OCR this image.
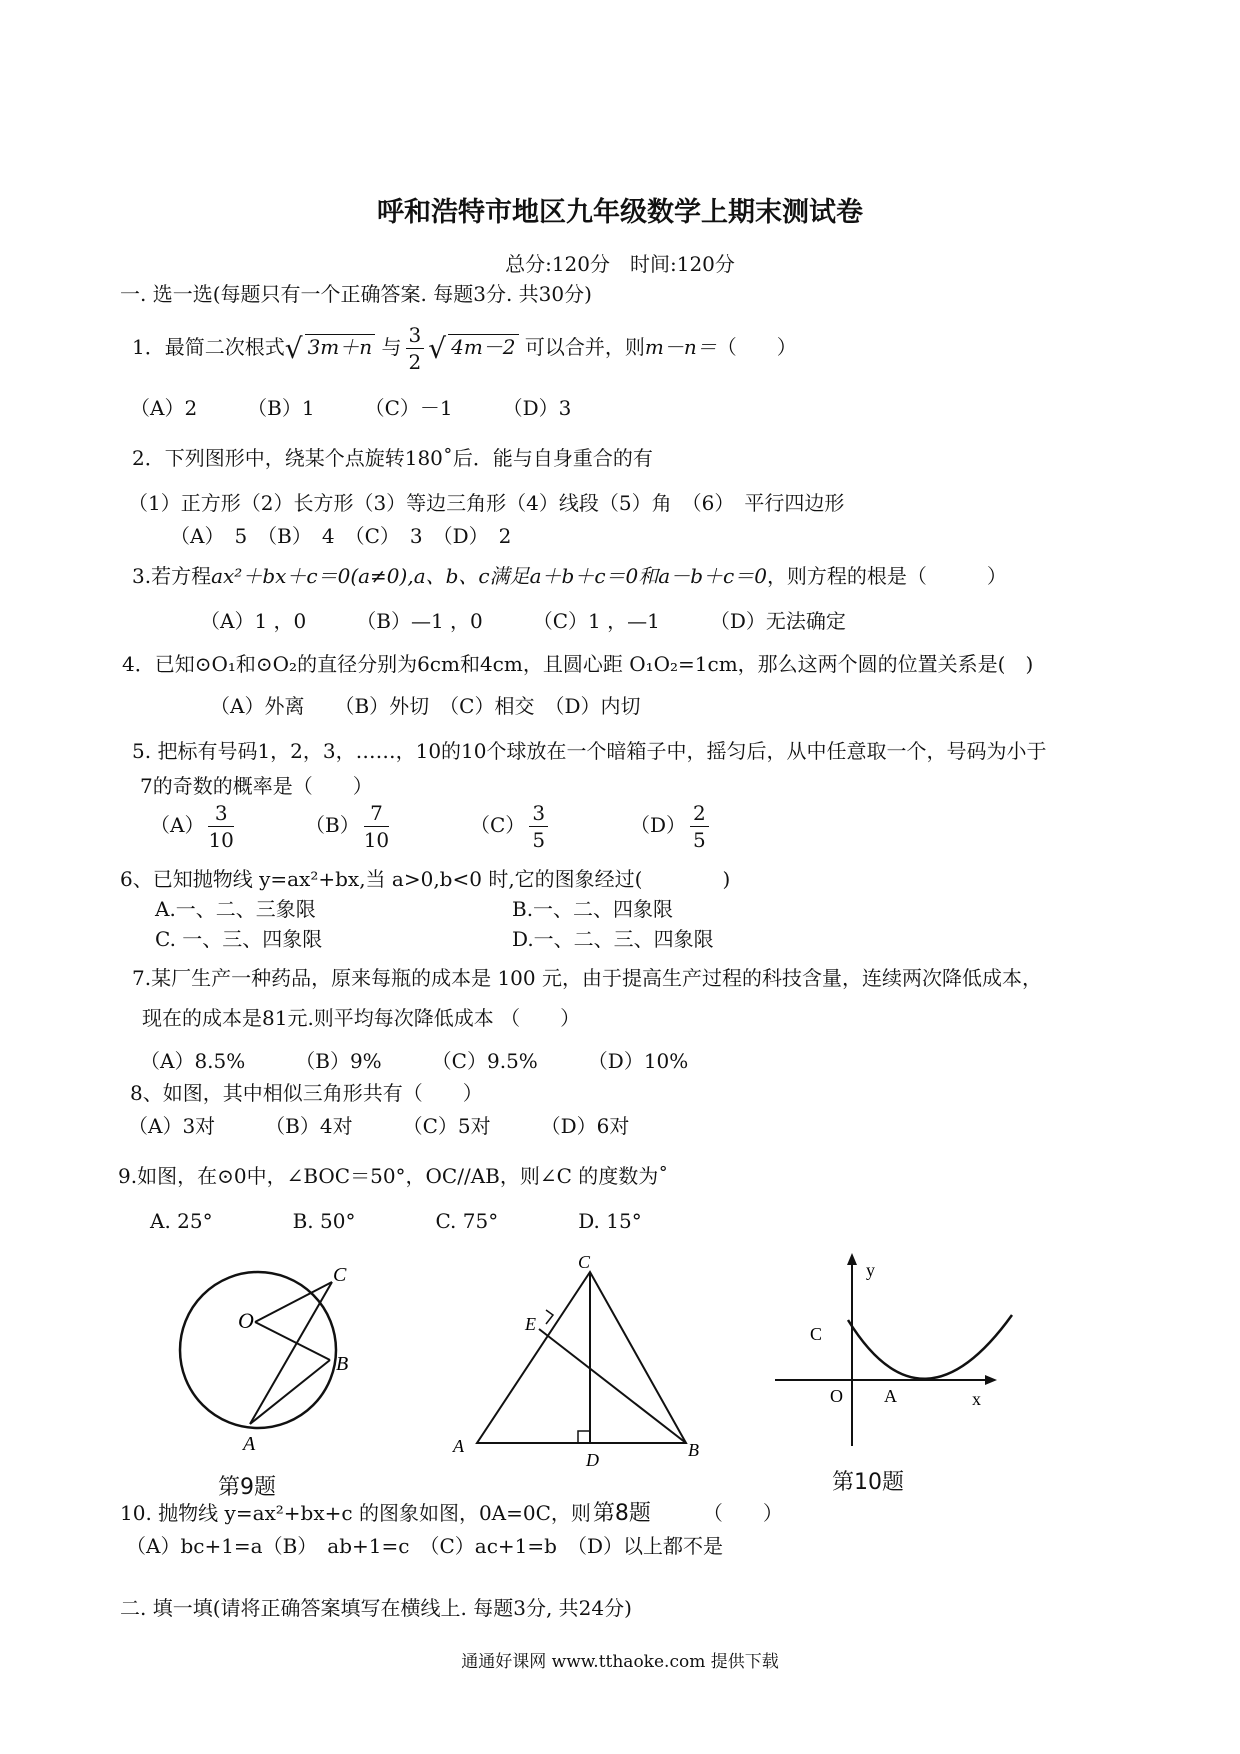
呼和浩特市地区九年级数学上期末测试卷
总分:120分　时间:120分
一. 选一选(每题只有一个正确答案. 每题3分. 共30分)
1．最简二次根式√ 3m＋n 与 $\frac{3}{2}$ √ 4m－2 可以合并，则m－n＝（　　）
（A）2　　　（B）1　　　（C）－1　　　（D）3
2．下列图形中，绕某个点旋转180˚后．能与自身重合的有
（1）正方形（2）长方形（3）等边三角形（4）线段（5）角　（6）　平行四边形
（A）　5　（B）　4　（C）　3　（D）　2
3.若方程ax²＋bx＋c＝0(a≠0),a、b、c满足a＋b＋c＝0和a－b＋c＝0，则方程的根是（　　　）
（A）1 ，0　　　（B）—1 ，0　　　（C）1 ，—1　　　（D）无法确定
4．已知⊙O₁和⊙O₂的直径分别为6cm和4cm，且圆心距 O₁O₂=1cm，那么这两个圆的位置关系是(　)
（A）外离　　（B）外切　（C）相交　（D）内切
5. 把标有号码1，2，3，……，10的10个球放在一个暗箱子中，摇匀后，从中任意取一个，号码为小于
7的奇数的概率是（　　）
$(A) \frac{3}{10}$	$(B) \frac{7}{10}$	$(C) \frac{3}{5}$	$(D) \frac{2}{5}$
6、已知抛物线 y=ax²+bx,当 a>0,b<0 时,它的图象经过(　　　　)
A.一、二、三象限	B.一、二、四象限
C. 一、三、四象限	D.一、二、三、四象限
7.某厂生产一种药品，原来每瓶的成本是 100 元，由于提高生产过程的科技含量，连续两次降低成本，
现在的成本是81元.则平均每次降低成本 （　　）
（A）8.5%　　　（B）9%　　　（C）9.5%　　　（D）10%
8、如图，其中相似三角形共有（　　）
（A）3对　　　（B）4对　　　（C）5对　　　（D）6对
9.如图，在⊙0中，∠BOC＝50°，OC//AB，则∠C 的度数为˚
A. 25°　　　　B. 50°　　　　C. 75°　　　　D. 15°
C
O
B
A
C
E
A
D	B
y
C
O A	x
第9题	第10题
10. 抛物线 y=ax²+bx+c 的图象如图，0A=0C，则第8题	（　　）
（A）bc+1=a（B）　ab+1=c　（C）ac+1=b　（D）以上都不是
二. 填一填(请将正确答案填写在横线上. 每题3分, 共24分)
通通好课网 www.tthaoke.com 提供下载
